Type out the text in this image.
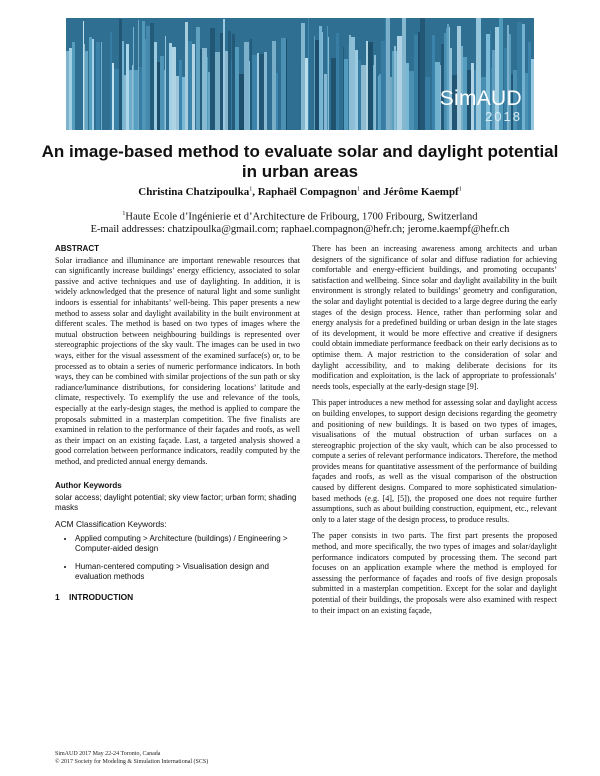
SimAUD
2018
An image-based method to evaluate solar and daylight potential in urban areas
Christina Chatzipoulka$^1$, Raphaël Compagnon$^1$ and Jérôme Kaempf$^1$
$^1$Haute Ecole d’Ingénierie et d’Architecture de Fribourg, 1700 Fribourg, Switzerland
E-mail addresses: chatzipoulka@gmail.com; raphael.compagnon@hefr.ch; jerome.kaempf@hefr.ch
ABSTRACT

Solar irradiance and illuminance are important renewable resources that can significantly increase buildings’ energy efficiency, associated to solar passive and active techniques and use of daylighting. In addition, it is widely acknowledged that the presence of natural light and some sunlight indoors is essential for inhabitants’ well-being. This paper presents a new method to assess solar and daylight availability in the built environment at different scales. The method is based on two types of images where the mutual obstruction between neighbouring buildings is represented over stereographic projections of the sky vault. The images can be used in two ways, either for the visual assessment of the examined surface(s) or, to be processed as to obtain a series of numeric performance indicators. In both ways, they can be combined with similar projections of the sun path or sky radiance/luminance distributions, for considering locations’ latitude and climate, respectively. To exemplify the use and relevance of the tools, especially at the early-design stages, the method is applied to compare the proposals submitted in a masterplan competition. The five finalists are examined in relation to the performance of their façades and roofs, as well as their impact on an existing façade. Last, a targeted analysis showed a good correlation between performance indicators, readily computed by the method, and predicted annual energy demands.

Author Keywords

solar access; daylight potential; sky view factor; urban form; shading masks

ACM Classification Keywords:
• Applied computing > Architecture (buildings) / Engineering > Computer-aided design
• Human-centered computing > Visualisation design and evaluation methods
1 INTRODUCTION

There has been an increasing awareness among architects and urban designers of the significance of solar and diffuse radiation for achieving comfortable and energy-efficient buildings, and promoting occupants’ satisfaction and wellbeing. Since solar and daylight availability in the built environment is strongly related to buildings’ geometry and configuration, the solar and daylight potential is decided to a large degree during the early stages of the design process. Hence, rather than performing solar and energy analysis for a predefined building or urban design in the late stages of its development, it would be more effective and creative if designers could obtain immediate performance feedback on their early decisions as to optimise them. A major restriction to the consideration of solar and daylight accessibility, and to making deliberate decisions for its modification and exploitation, is the lack of appropriate to professionals’ needs tools, especially at the early-design stage [9].

This paper introduces a new method for assessing solar and daylight access on building envelopes, to support design decisions regarding the geometry and positioning of new buildings. It is based on two types of images, visualisations of the mutual obstruction of urban surfaces on a stereographic projection of the sky vault, which can be also processed to compute a series of relevant performance indicators. Therefore, the method provides means for quantitative assessment of the performance of building façades and roofs, as well as the visual comparison of the obstruction caused by different designs. Compared to more sophisticated simulation-based methods (e.g. [4], [5]), the proposed one does not require further assumptions, such as about building construction, equipment, etc., relevant only to a later stage of the design process, to produce results.

The paper consists in two parts. The first part presents the proposed method, and more specifically, the two types of images and solar/daylight performance indicators computed by processing them. The second part focuses on an application example where the method is employed for assessing the performance of façades and roofs of five design proposals submitted in a masterplan competition. Except for the solar and daylight potential of their buildings, the proposals were also examined with respect to their impact on an existing façade,

SimAUD 2017 May 22-24 Toronto, Canada
© 2017 Society for Modeling & Simulation International (SCS)
